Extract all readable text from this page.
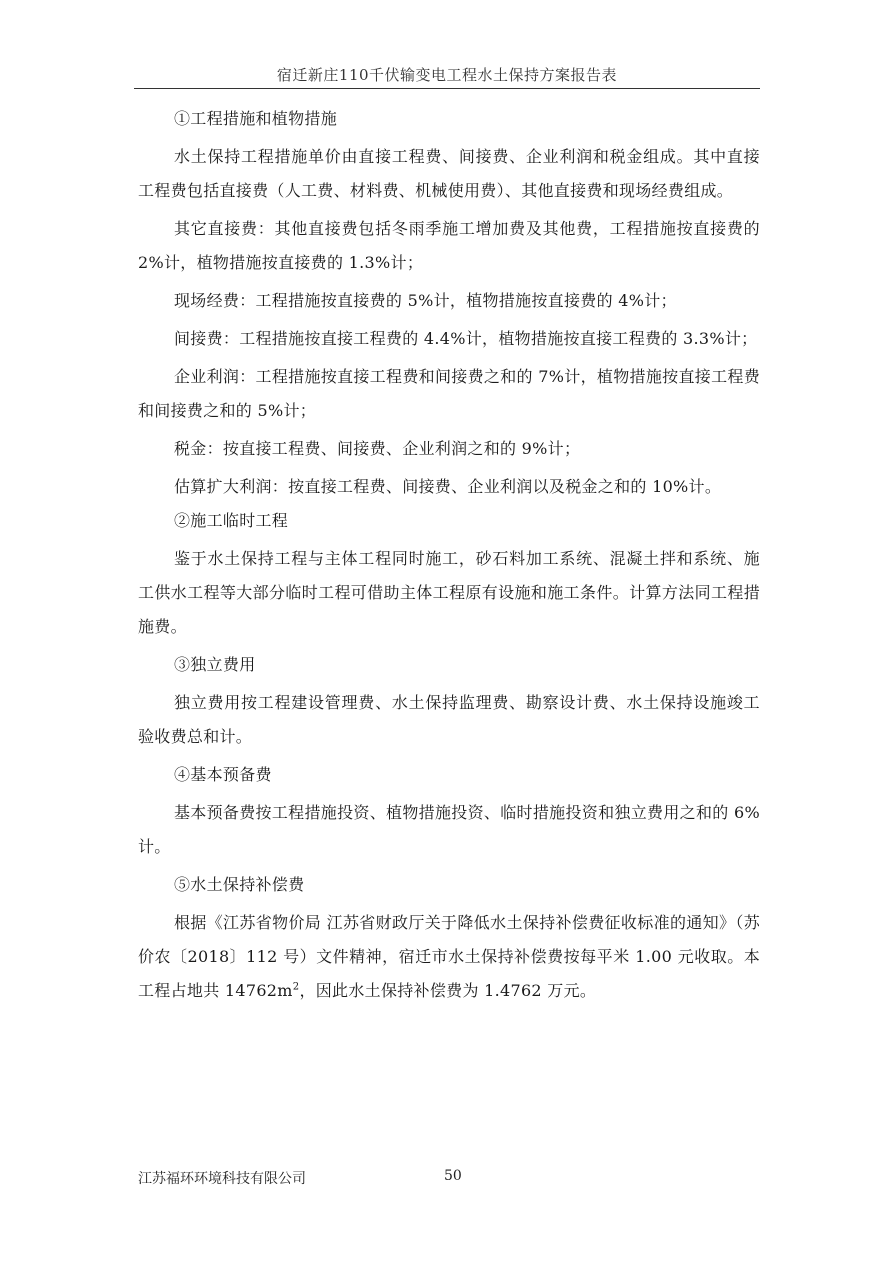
宿迁新庄110千伏输变电工程水土保持方案报告表

①工程措施和植物措施

水土保持工程措施单价由直接工程费、间接费、企业利润和税金组成。其中直接工程费包括直接费（人工费、材料费、机械使用费）、其他直接费和现场经费组成。

其它直接费：其他直接费包括冬雨季施工增加费及其他费，工程措施按直接费的 2%计，植物措施按直接费的 1.3%计；

现场经费：工程措施按直接费的 5%计，植物措施按直接费的 4%计；

间接费：工程措施按直接工程费的 4.4%计，植物措施按直接工程费的 3.3%计；

企业利润：工程措施按直接工程费和间接费之和的 7%计，植物措施按直接工程费和间接费之和的 5%计；

税金：按直接工程费、间接费、企业利润之和的 9%计；

估算扩大利润：按直接工程费、间接费、企业利润以及税金之和的 10%计。

②施工临时工程

鉴于水土保持工程与主体工程同时施工，砂石料加工系统、混凝土拌和系统、施工供水工程等大部分临时工程可借助主体工程原有设施和施工条件。计算方法同工程措施费。

③独立费用

独立费用按工程建设管理费、水土保持监理费、勘察设计费、水土保持设施竣工验收费总和计。

④基本预备费

基本预备费按工程措施投资、植物措施投资、临时措施投资和独立费用之和的 6%计。

⑤水土保持补偿费

根据《江苏省物价局 江苏省财政厅关于降低水土保持补偿费征收标准的通知》（苏价农〔2018〕112 号）文件精神，宿迁市水土保持补偿费按每平米 1.00 元收取。本工程占地共 $14762m^2$，因此水土保持补偿费为 1.4762 万元。

江苏福环环境科技有限公司	50
